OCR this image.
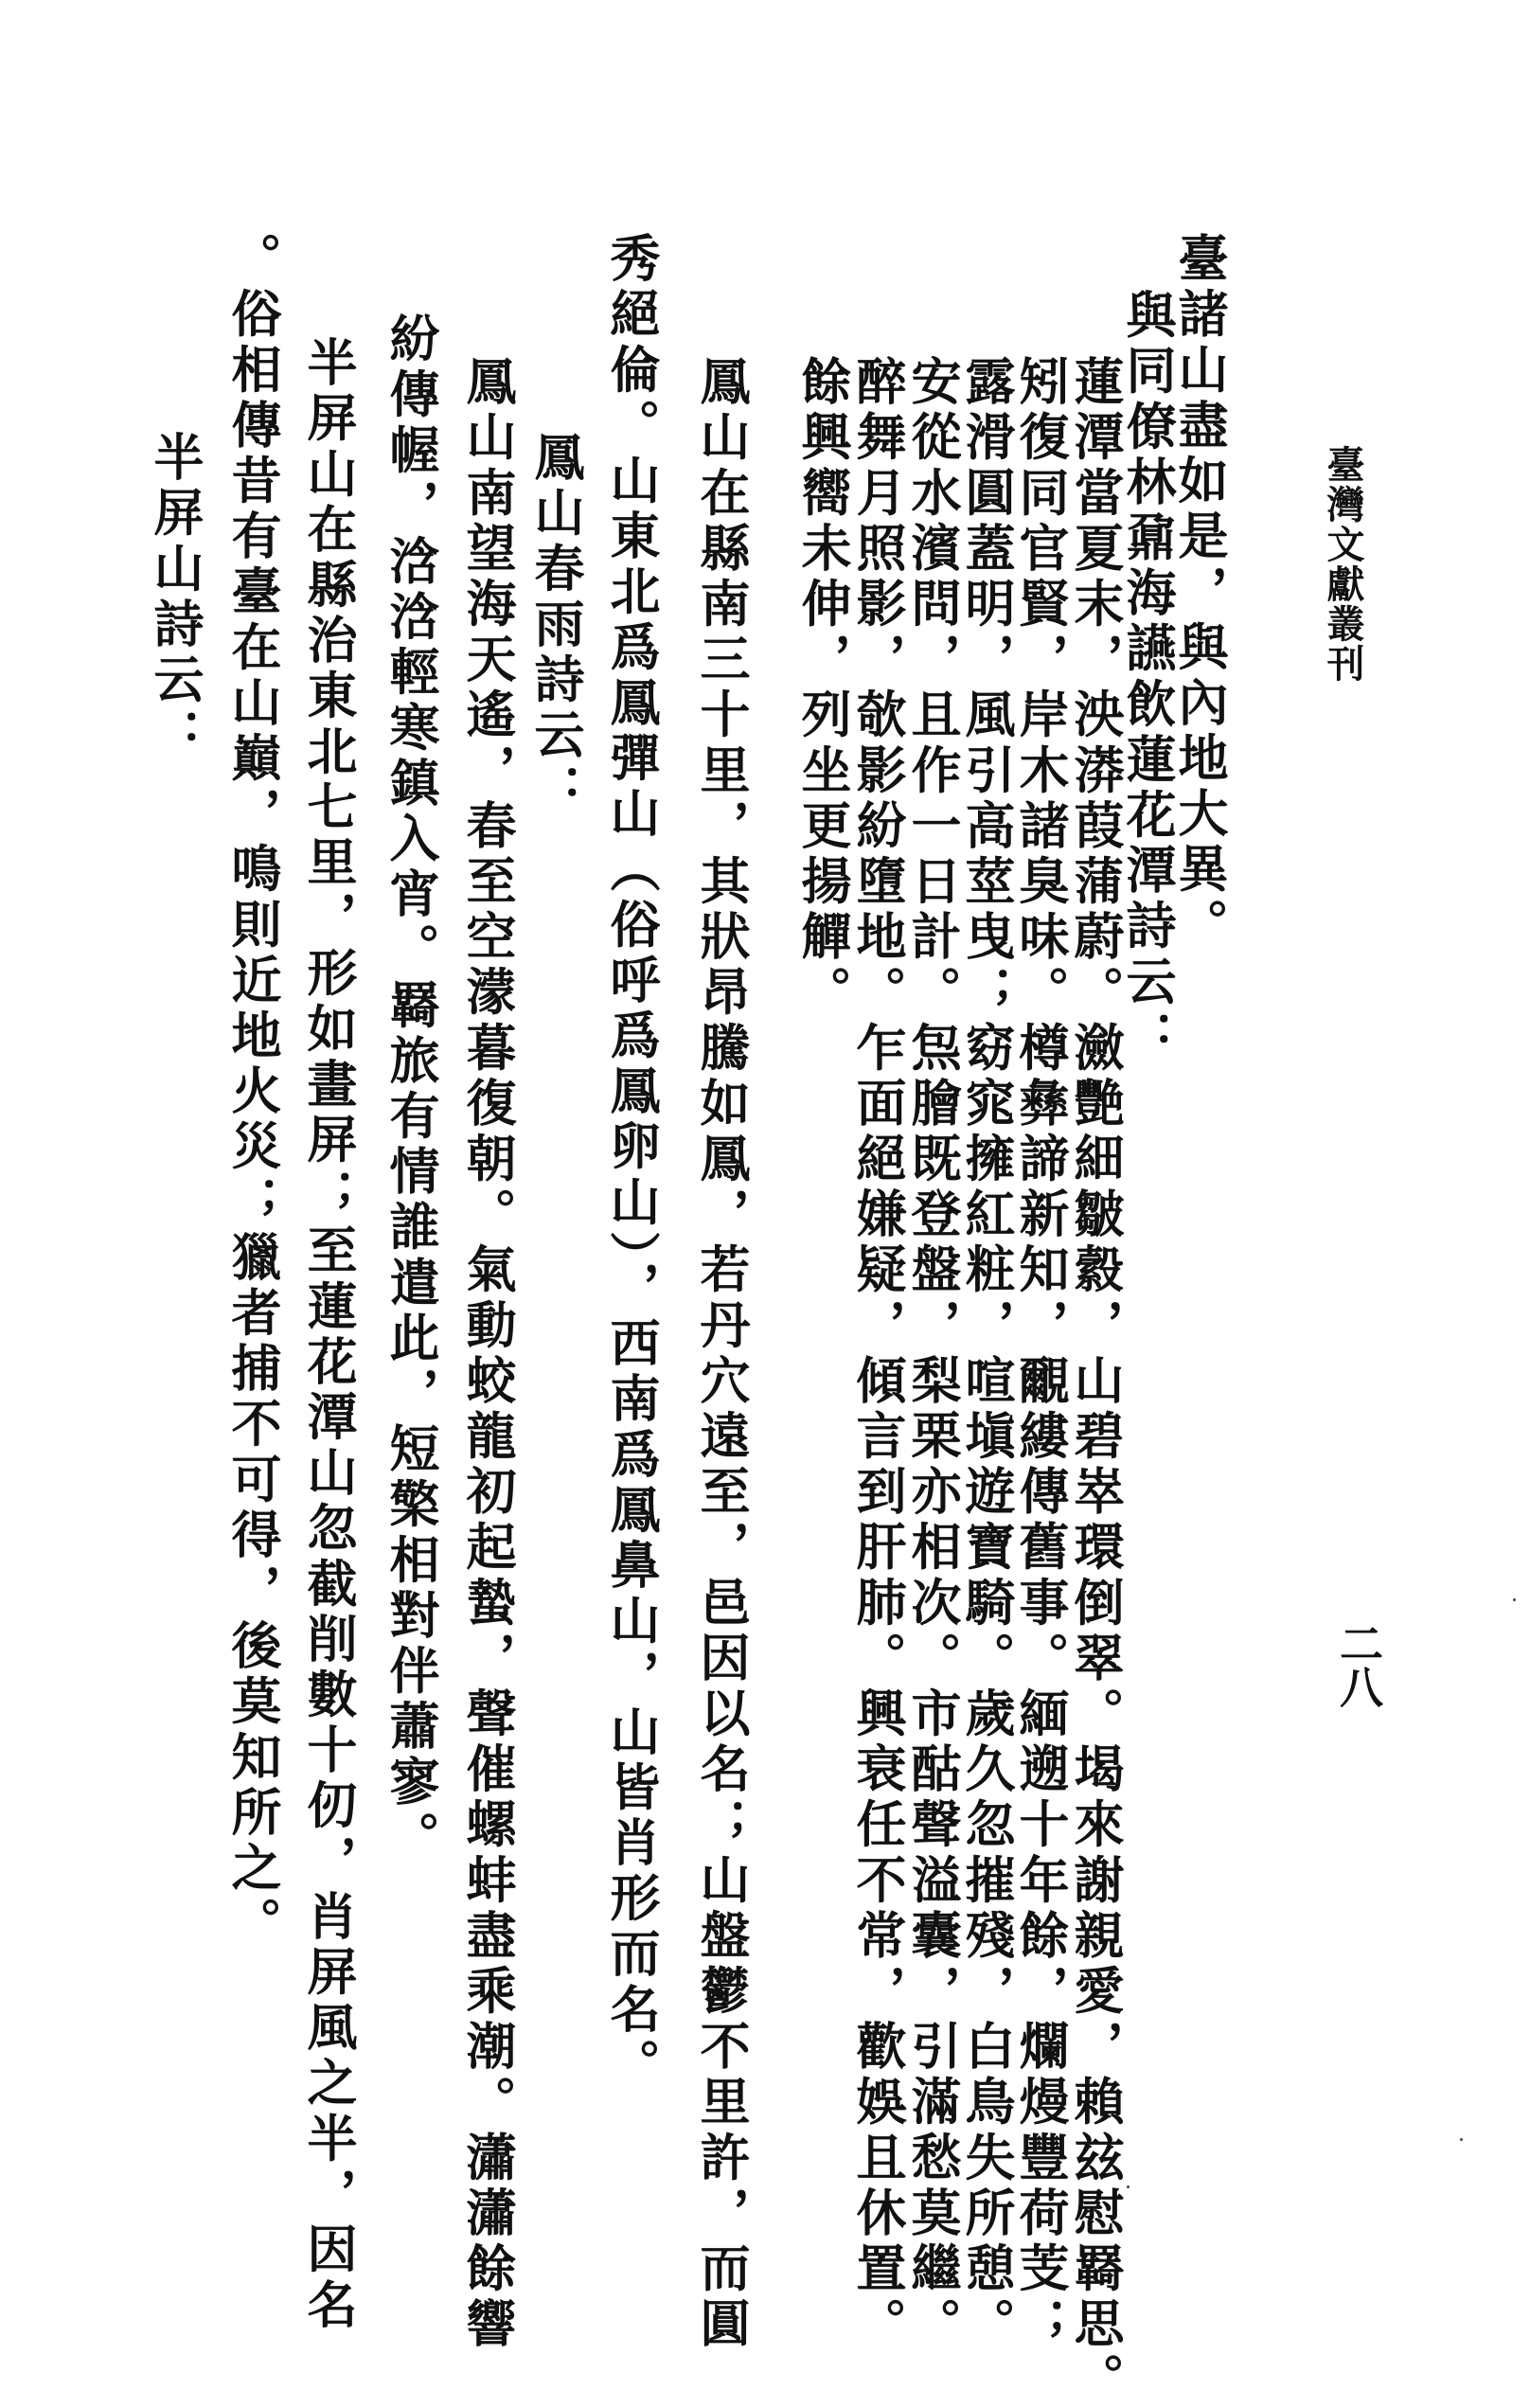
臺灣文獻叢刊
二八
臺諸山盡如是，與內地大異。
與同僚林鼐海讌飲蓮花潭詩云：
蓮潭當夏末，泱漭葭蒲蔚。瀲艷細皺縠，山碧崒環倒翠。堨來謝親愛，賴玆慰羇思。
矧復同官賢，岸木諸臭味。樽彝諦新知，覼縷傳舊事。緬遡十年餘，爛熳豐荷芰；
露滑圓蓋明，風引高莖曳；窈窕擁紅粧，喧塡遊寶騎。歲久忽摧殘，白鳥失所憩。
安從水濱問，且作一日計。炰膾既登盤，梨栗亦相次。市酤聲溢囊，引滿愁莫繼。
醉舞月照影，欹影紛墮地。乍面絕嫌疑，傾言到肝肺。興衰任不常，歡娛且休置。
餘興嚮未伸，列坐更揚觶。
鳳山在縣南三十里，其狀昂騰如鳳，若丹穴遠至，邑因以名；山盤鬱不里許，而圓
秀絕倫。山東北爲鳳彈山（俗呼爲鳳卵山），西南爲鳳鼻山，山皆肖形而名。
鳳山春雨詩云：
鳳山南望海天遙，春至空濛暮復朝。氣動蛟龍初起蟄，聲催螺蚌盡乘潮。瀟瀟餘響
紛傳幄，浛浛輕寒鎮入宵。羇旅有情誰遣此，短檠相對伴蕭寥。
半屏山在縣治東北七里，形如畫屏；至蓮花潭山忽截削數十仞，肖屏風之半，因名
。俗相傳昔有臺在山巔，鳴則近地火災；獵者捕不可得，後莫知所之。
半屏山詩云：
